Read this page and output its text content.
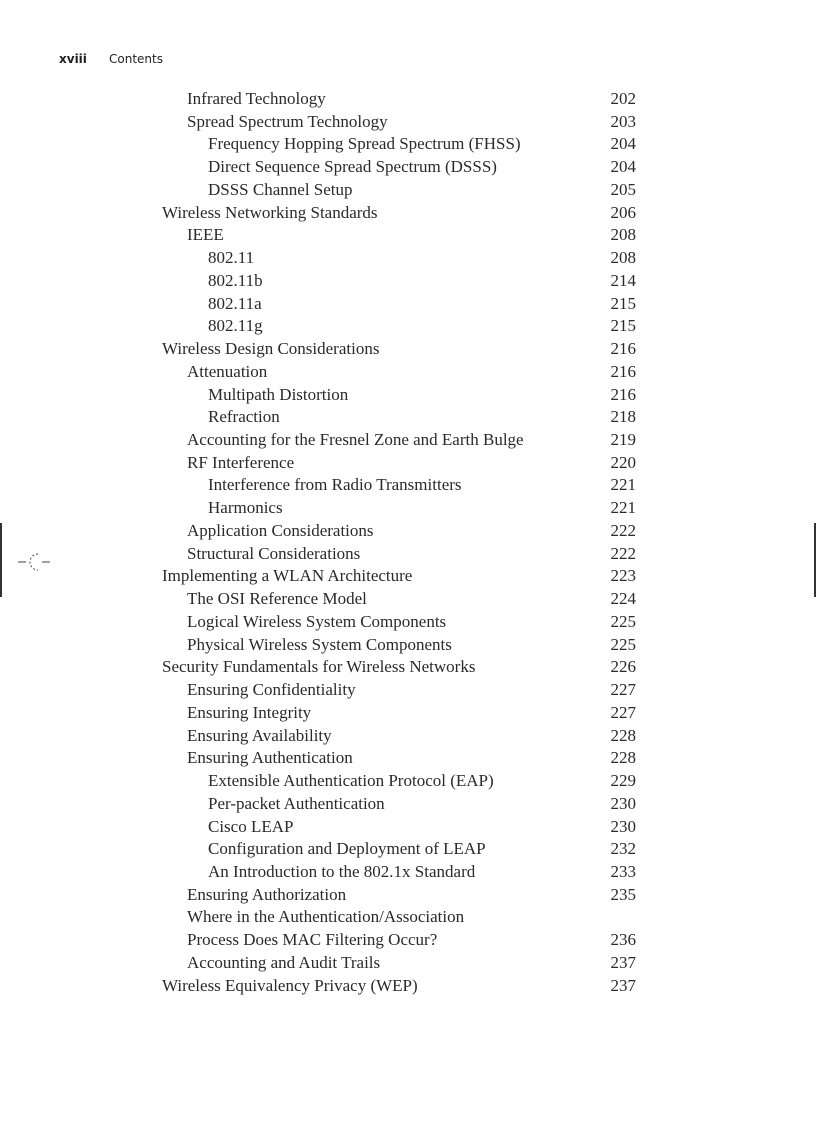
xviii Contents
Infrared Technology	202
Spread Spectrum Technology	203
Frequency Hopping Spread Spectrum (FHSS)	204
Direct Sequence Spread Spectrum (DSSS)	204
DSSS Channel Setup	205
Wireless Networking Standards	206
IEEE	208
802.11	208
802.11b	214
802.11a	215
802.11g	215
Wireless Design Considerations	216
Attenuation	216
Multipath Distortion	216
Refraction	218
Accounting for the Fresnel Zone and Earth Bulge	219
RF Interference	220
Interference from Radio Transmitters	221
Harmonics	221
Application Considerations	222
Structural Considerations	222
Implementing a WLAN Architecture	223
The OSI Reference Model	224
Logical Wireless System Components	225
Physical Wireless System Components	225
Security Fundamentals for Wireless Networks	226
Ensuring Confidentiality	227
Ensuring Integrity	227
Ensuring Availability	228
Ensuring Authentication	228
Extensible Authentication Protocol (EAP)	229
Per-packet Authentication	230
Cisco LEAP	230
Configuration and Deployment of LEAP	232
An Introduction to the 802.1x Standard	233
Ensuring Authorization	235
Where in the Authentication/Association
Process Does MAC Filtering Occur?	236
Accounting and Audit Trails	237
Wireless Equivalency Privacy (WEP)	237
